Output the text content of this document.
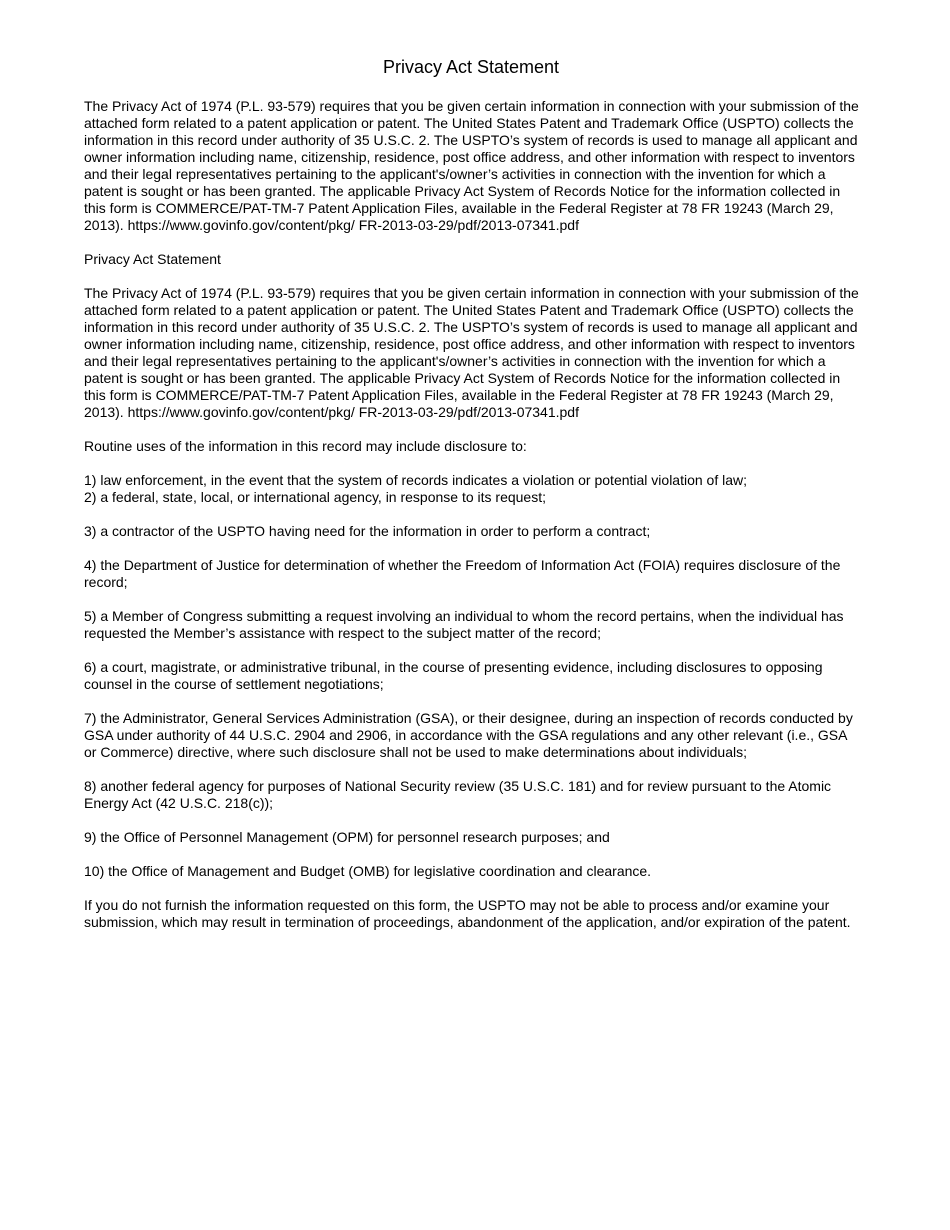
Privacy Act Statement

The Privacy Act of 1974 (P.L. 93-579) requires that you be given certain information in connection with your submission of the attached form related to a patent application or patent. The United States Patent and Trademark Office (USPTO) collects the information in this record under authority of 35 U.S.C. 2. The USPTO’s system of records is used to manage all applicant and owner information including name, citizenship, residence, post office address, and other information with respect to inventors and their legal representatives pertaining to the applicant's/owner’s activities in connection with the invention for which a patent is sought or has been granted. The applicable Privacy Act System of Records Notice for the information collected in this form is COMMERCE/PAT-TM-7 Patent Application Files, available in the Federal Register at 78 FR 19243 (March 29, 2013). https://www.govinfo.gov/content/pkg/ FR-2013-03-29/pdf/2013-07341.pdf

Privacy Act Statement

The Privacy Act of 1974 (P.L. 93-579) requires that you be given certain information in connection with your submission of the attached form related to a patent application or patent. The United States Patent and Trademark Office (USPTO) collects the information in this record under authority of 35 U.S.C. 2. The USPTO’s system of records is used to manage all applicant and owner information including name, citizenship, residence, post office address, and other information with respect to inventors and their legal representatives pertaining to the applicant's/owner’s activities in connection with the invention for which a patent is sought or has been granted. The applicable Privacy Act System of Records Notice for the information collected in this form is COMMERCE/PAT-TM-7 Patent Application Files, available in the Federal Register at 78 FR 19243 (March 29, 2013). https://www.govinfo.gov/content/pkg/ FR-2013-03-29/pdf/2013-07341.pdf

Routine uses of the information in this record may include disclosure to:

1) law enforcement, in the event that the system of records indicates a violation or potential violation of law;

2) a federal, state, local, or international agency, in response to its request;

3) a contractor of the USPTO having need for the information in order to perform a contract;

4) the Department of Justice for determination of whether the Freedom of Information Act (FOIA) requires disclosure of the record;

5) a Member of Congress submitting a request involving an individual to whom the record pertains, when the individual has requested the Member’s assistance with respect to the subject matter of the record;

6) a court, magistrate, or administrative tribunal, in the course of presenting evidence, including disclosures to opposing counsel in the course of settlement negotiations;

7) the Administrator, General Services Administration (GSA), or their designee, during an inspection of records conducted by GSA under authority of 44 U.S.C. 2904 and 2906, in accordance with the GSA regulations and any other relevant (i.e., GSA or Commerce) directive, where such disclosure shall not be used to make determinations about individuals;

8) another federal agency for purposes of National Security review (35 U.S.C. 181) and for review pursuant to the Atomic Energy Act (42 U.S.C. 218(c));

9) the Office of Personnel Management (OPM) for personnel research purposes; and

10) the Office of Management and Budget (OMB) for legislative coordination and clearance.

If you do not furnish the information requested on this form, the USPTO may not be able to process and/or examine your submission, which may result in termination of proceedings, abandonment of the application, and/or expiration of the patent.
